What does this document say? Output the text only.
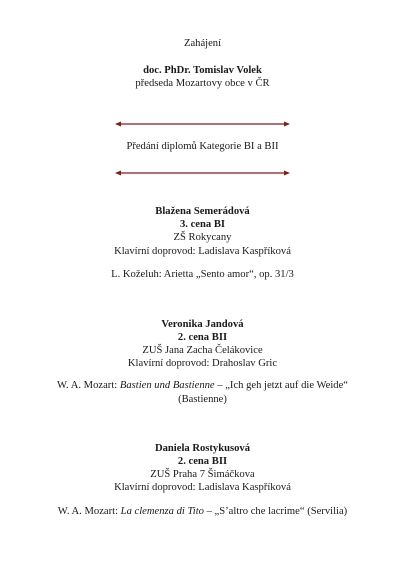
Zahájení
doc. PhDr. Tomislav Volek
předseda Mozartovy obce v ČR
Předání diplomů Kategorie BI a BII
Blažena Semerádová
3. cena BI
ZŠ Rokycany
Klavírní doprovod: Ladislava Kaspříková
L. Koželuh: Arietta „Sento amor“, op. 31/3
Veronika Jandová
2. cena BII
ZUŠ Jana Zacha Čelákovice
Klavírní doprovod: Drahoslav Gric
W. A. Mozart: Bastien und Bastienne – „Ich geh jetzt auf die Weide“
(Bastienne)
Daniela Rostykusová
2. cena BII
ZUŠ Praha 7 Šimáčkova
Klavírní doprovod: Ladislava Kaspříková
W. A. Mozart: La clemenza di Tito – „S’altro che lacrime“ (Servilia)
